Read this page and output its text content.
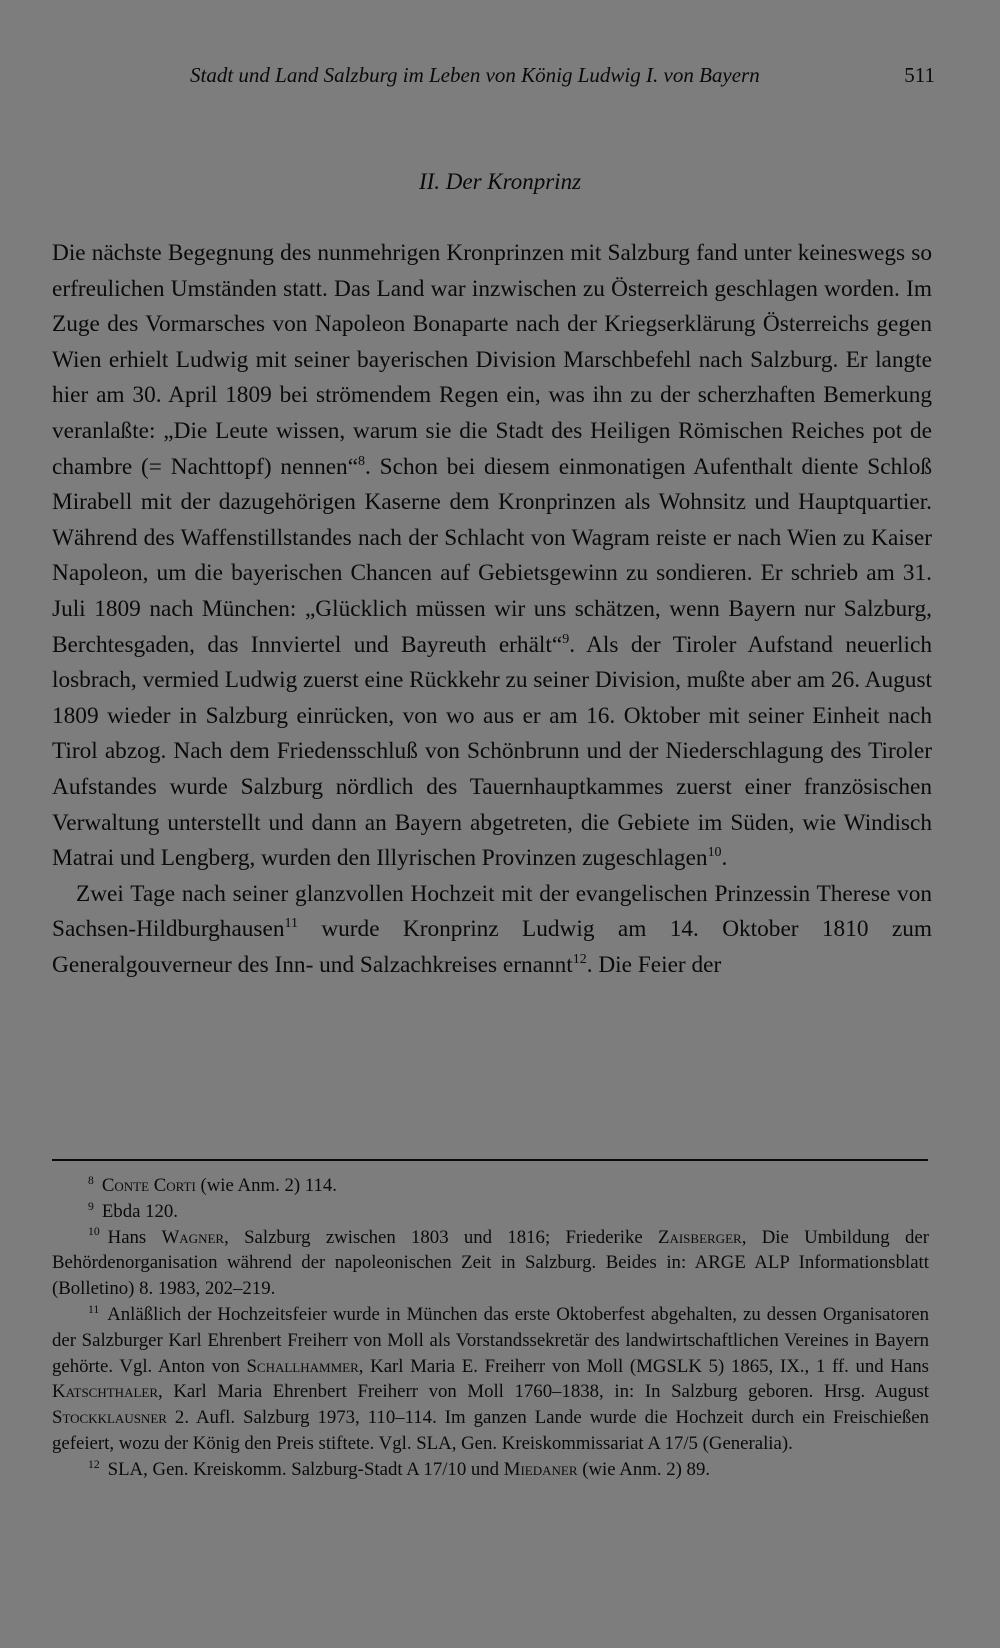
Stadt und Land Salzburg im Leben von König Ludwig I. von Bayern	511
II. Der Kronprinz

Die nächste Begegnung des nunmehrigen Kronprinzen mit Salzburg fand unter keineswegs so erfreulichen Umständen statt. Das Land war inzwischen zu Österreich geschlagen worden. Im Zuge des Vormarsches von Napoleon Bonaparte nach der Kriegserklärung Österreichs gegen Wien erhielt Ludwig mit seiner bayerischen Division Marschbefehl nach Salzburg. Er langte hier am 30. April 1809 bei strömendem Regen ein, was ihn zu der scherzhaften Bemerkung veranlaßte: „Die Leute wissen, warum sie die Stadt des Heiligen Römischen Reiches pot de chambre (= Nachttopf) nennen“$^8$. Schon bei diesem einmonatigen Aufenthalt diente Schloß Mirabell mit der dazugehörigen Kaserne dem Kronprinzen als Wohnsitz und Hauptquartier. Während des Waffenstillstandes nach der Schlacht von Wagram reiste er nach Wien zu Kaiser Napoleon, um die bayerischen Chancen auf Gebietsgewinn zu sondieren. Er schrieb am 31. Juli 1809 nach München: „Glücklich müssen wir uns schätzen, wenn Bayern nur Salzburg, Berchtesgaden, das Innviertel und Bayreuth erhält“$^9$. Als der Tiroler Aufstand neuerlich losbrach, vermied Ludwig zuerst eine Rückkehr zu seiner Division, mußte aber am 26. August 1809 wieder in Salzburg einrücken, von wo aus er am 16. Oktober mit seiner Einheit nach Tirol abzog. Nach dem Friedensschluß von Schönbrunn und der Niederschlagung des Tiroler Aufstandes wurde Salzburg nördlich des Tauernhauptkammes zuerst einer französischen Verwaltung unterstellt und dann an Bayern abgetreten, die Gebiete im Süden, wie Windisch Matrai und Lengberg, wurden den Illyrischen Provinzen zugeschlagen$^{10}$.

Zwei Tage nach seiner glanzvollen Hochzeit mit der evangelischen Prinzessin Therese von Sachsen-Hildburghausen$^{11}$ wurde Kronprinz Ludwig am 14. Oktober 1810 zum Generalgouverneur des Inn- und Salzachkreises ernannt$^{12}$. Die Feier der

$^8$ Conte Corti (wie Anm. 2) 114.

$^9$ Ebda 120.

$^{10}$ Hans Wagner, Salzburg zwischen 1803 und 1816; Friederike Zaisberger, Die Umbildung der Behördenorganisation während der napoleonischen Zeit in Salzburg. Beides in: ARGE ALP Informationsblatt (Bolletino) 8. 1983, 202–219.

$^{11}$ Anläßlich der Hochzeitsfeier wurde in München das erste Oktoberfest abgehalten, zu dessen Organisatoren der Salzburger Karl Ehrenbert Freiherr von Moll als Vorstandssekretär des landwirtschaftlichen Vereines in Bayern gehörte. Vgl. Anton von Schallhammer, Karl Maria E. Freiherr von Moll (MGSLK 5) 1865, IX., 1 ff. und Hans Katschthaler, Karl Maria Ehrenbert Freiherr von Moll 1760–1838, in: In Salzburg geboren. Hrsg. August Stockklausner 2. Aufl. Salzburg 1973, 110–114. Im ganzen Lande wurde die Hochzeit durch ein Freischießen gefeiert, wozu der König den Preis stiftete. Vgl. SLA, Gen. Kreiskommissariat A 17/5 (Generalia).

$^{12}$ SLA, Gen. Kreiskomm. Salzburg-Stadt A 17/10 und Miedaner (wie Anm. 2) 89.
